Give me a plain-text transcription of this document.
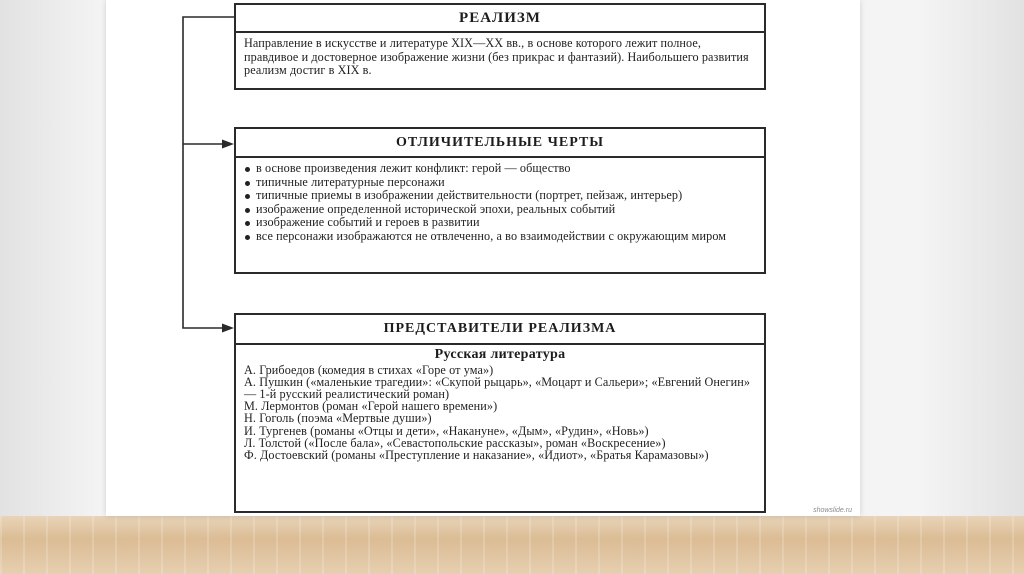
РЕАЛИЗМ
Направление в искусстве и литературе XIX—XX вв., в основе которого лежит полное, правдивое и достоверное изображение жизни (без прикрас и фантазий). Наибольшего развития реализм достиг в XIX в.
ОТЛИЧИТЕЛЬНЫЕ ЧЕРТЫ
в основе произведения лежит конфликт: герой — общество
типичные литературные персонажи
типичные приемы в изображении действительности (портрет, пейзаж, интерьер)
изображение определенной исторической эпохи, реальных событий
изображение событий и героев в развитии
все персонажи изображаются не отвлеченно, а во взаимодействии с окружающим миром
ПРЕДСТАВИТЕЛИ РЕАЛИЗМА
Русская литература
А. Грибоедов (комедия в стихах «Горе от ума»)
А. Пушкин («маленькие трагедии»: «Скупой рыцарь», «Моцарт и Сальери»; «Евгений Онегин» — 1-й русский реалистический роман)
М. Лермонтов (роман «Герой нашего времени»)
Н. Гоголь (поэма «Мертвые души»)
И. Тургенев (романы «Отцы и дети», «Накануне», «Дым», «Рудин», «Новь»)
Л. Толстой («После бала», «Севастопольские рассказы», роман «Воскресение»)
Ф. Достоевский (романы «Преступление и наказание», «Идиот», «Братья Карамазовы»)
showslide.ru
